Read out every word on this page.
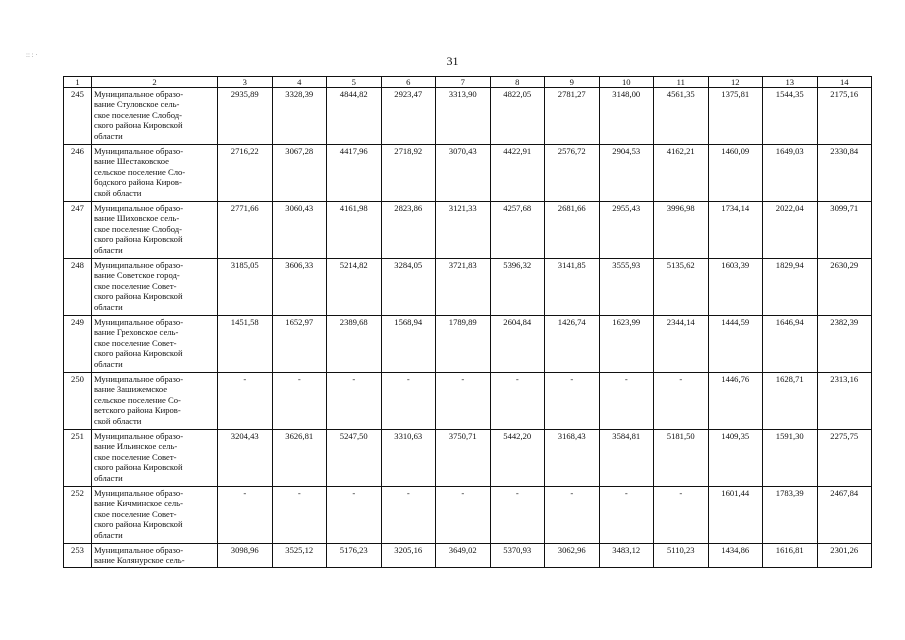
:: : ·	31
1	2	3	4	5	6	7	8	9	10	11	12	13	14
245	Муниципальное образо-
вание Стуловское сель-
ское поселение Слобод-
ского района Кировской
области	2935,89	3328,39	4844,82	2923,47	3313,90	4822,05	2781,27	3148,00	4561,35	1375,81	1544,35	2175,16
246	Муниципальное образо-
вание Шестаковское
сельское поселение Сло-
бодского района Киров-
ской области	2716,22	3067,28	4417,96	2718,92	3070,43	4422,91	2576,72	2904,53	4162,21	1460,09	1649,03	2330,84
247	Муниципальное образо-
вание Шиховское сель-
ское поселение Слобод-
ского района Кировской
области	2771,66	3060,43	4161,98	2823,86	3121,33	4257,68	2681,66	2955,43	3996,98	1734,14	2022,04	3099,71
248	Муниципальное образо-
вание Советское город-
ское поселение Совет-
ского района Кировской
области	3185,05	3606,33	5214,82	3284,05	3721,83	5396,32	3141,85	3555,93	5135,62	1603,39	1829,94	2630,29
249	Муниципальное образо-
вание Греховское сель-
ское поселение Совет-
ского района Кировской
области	1451,58	1652,97	2389,68	1568,94	1789,89	2604,84	1426,74	1623,99	2344,14	1444,59	1646,94	2382,39
250	Муниципальное образо-
вание Зашижемское
сельское поселение Со-
ветского района Киров-
ской области	-	-	-	-	-	-	-	-	-	1446,76	1628,71	2313,16
251	Муниципальное образо-
вание Ильинское сель-
ское поселение Совет-
ского района Кировской
области	3204,43	3626,81	5247,50	3310,63	3750,71	5442,20	3168,43	3584,81	5181,50	1409,35	1591,30	2275,75
252	Муниципальное образо-
вание Кичминское сель-
ское поселение Совет-
ского района Кировской
области	-	-	-	-	-	-	-	-	-	1601,44	1783,39	2467,84
253	Муниципальное образо-
вание Колянурское сель-	3098,96	3525,12	5176,23	3205,16	3649,02	5370,93	3062,96	3483,12	5110,23	1434,86	1616,81	2301,26
